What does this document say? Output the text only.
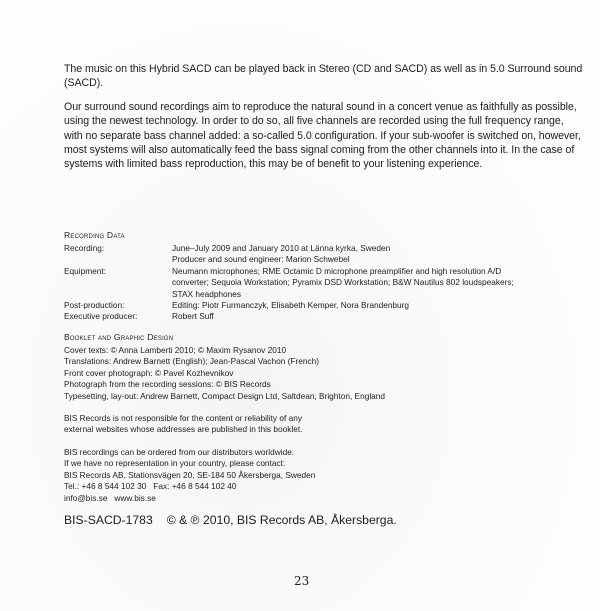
The music on this Hybrid SACD can be played back in Stereo (CD and SACD) as well as in 5.0 Surround sound (SACD).

Our surround sound recordings aim to reproduce the natural sound in a concert venue as faithfully as possible, using the newest technology. In order to do so, all five channels are recorded using the full frequency range, with no separate bass channel added: a so-called 5.0 configuration. If your sub-woofer is switched on, however, most systems will also automatically feed the bass signal coming from the other channels into it. In the case of systems with limited bass reproduction, this may be of benefit to your listening experience.

Recording Data
Recording:	June–July 2009 and January 2010 at Länna kyrka, Sweden
Producer and sound engineer: Marion Schwebel
Equipment:	Neumann microphones; RME Octamic D microphone preamplifier and high resolution A/D
converter; Sequoia Workstation; Pyramix DSD Workstation; B&W Nautilus 802 loudspeakers;
STAX headphones
Post-production:	Editing: Piotr Furmanczyk, Elisabeth Kemper, Nora Brandenburg
Executive producer:	Robert Suff
Booklet and Graphic Design
Cover texts: © Anna Lamberti 2010; © Maxim Rysanov 2010
Translations: Andrew Barnett (English); Jean-Pascal Vachon (French)
Front cover photograph: © Pavel Kozhevnikov
Photograph from the recording sessions: © BIS Records
Typesetting, lay-out: Andrew Barnett, Compact Design Ltd, Saltdean, Brighton, England
BIS Records is not responsible for the content or reliability of any
external websites whose addresses are published in this booklet.
BIS recordings can be ordered from our distributors worldwide.
If we have no representation in your country, please contact:
BIS Records AB, Stationsvägen 20, SE-184 50 Åkersberga, Sweden
Tel.: +46 8 544 102 30   Fax: +46 8 544 102 40
info@bis.se   www.bis.se
BIS-SACD-1783 © & ℗ 2010, BIS Records AB, Åkersberga.
23
